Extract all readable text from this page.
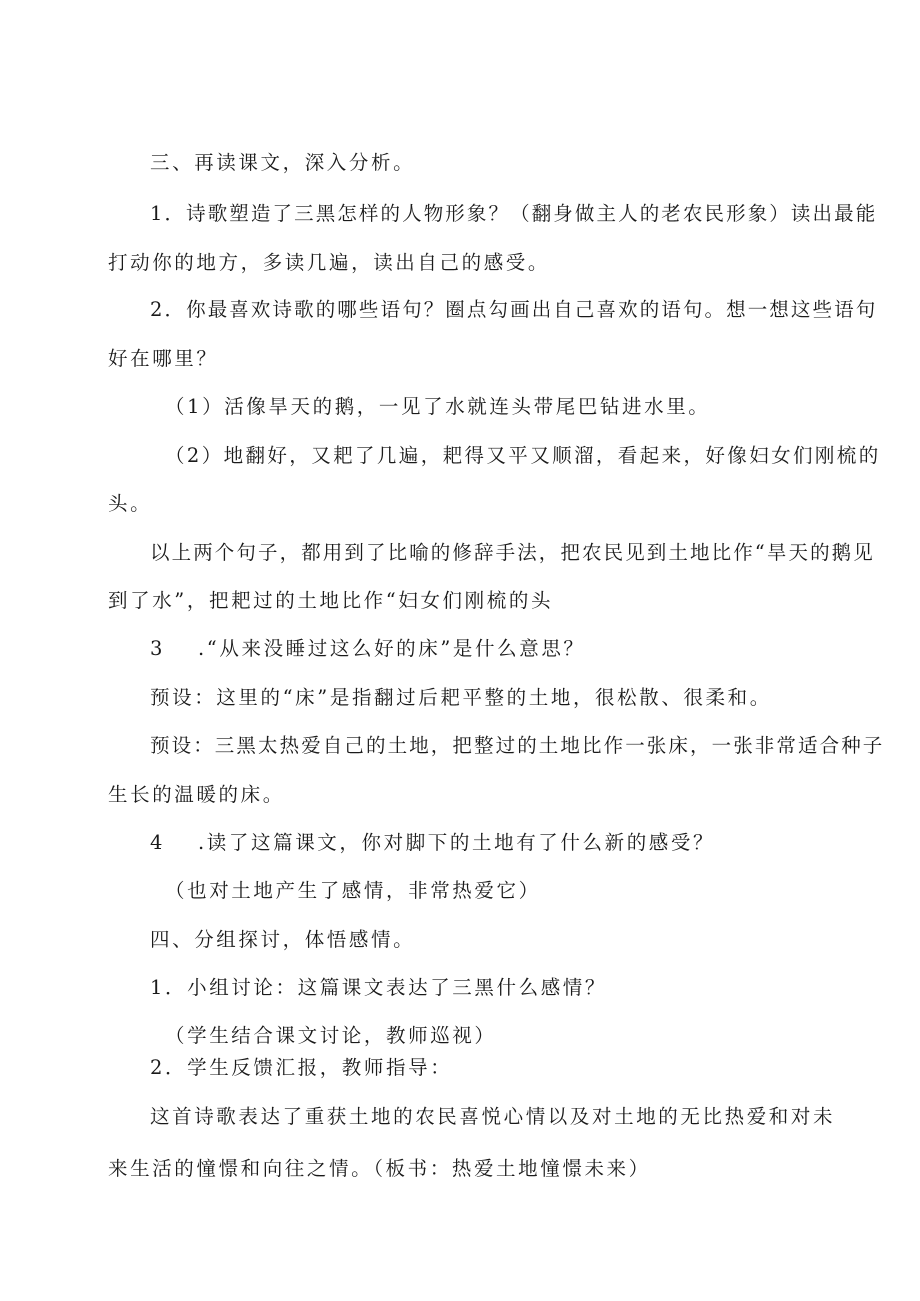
三、再读课文，深入分析。
1．诗歌塑造了三黑怎样的人物形象？（翻身做主人的老农民形象）读出最能
打动你的地方，多读几遍，读出自己的感受。
2．你最喜欢诗歌的哪些语句？圈点勾画出自己喜欢的语句。想一想这些语句
好在哪里？
（1）活像旱天的鹅，一见了水就连头带尾巴钻进水里。
（2）地翻好，又耙了几遍，耙得又平又顺溜，看起来，好像妇女们刚梳的
头。
以上两个句子，都用到了比喻的修辞手法，把农民见到土地比作“旱天的鹅见
到了水”，把耙过的土地比作“妇女们刚梳的头
3 .“从来没睡过这么好的床”是什么意思？
预设：这里的“床”是指翻过后耙平整的土地，很松散、很柔和。
预设：三黑太热爱自己的土地，把整过的土地比作一张床，一张非常适合种子
生长的温暖的床。
4 .读了这篇课文，你对脚下的土地有了什么新的感受？
（也对土地产生了感情，非常热爱它）
四、分组探讨，体悟感情。
1．小组讨论：这篇课文表达了三黑什么感情？
（学生结合课文讨论，教师巡视）
2．学生反馈汇报，教师指导：
这首诗歌表达了重获土地的农民喜悦心情以及对土地的无比热爱和对未
来生活的憧憬和向往之情。（板书：热爱土地憧憬未来）
